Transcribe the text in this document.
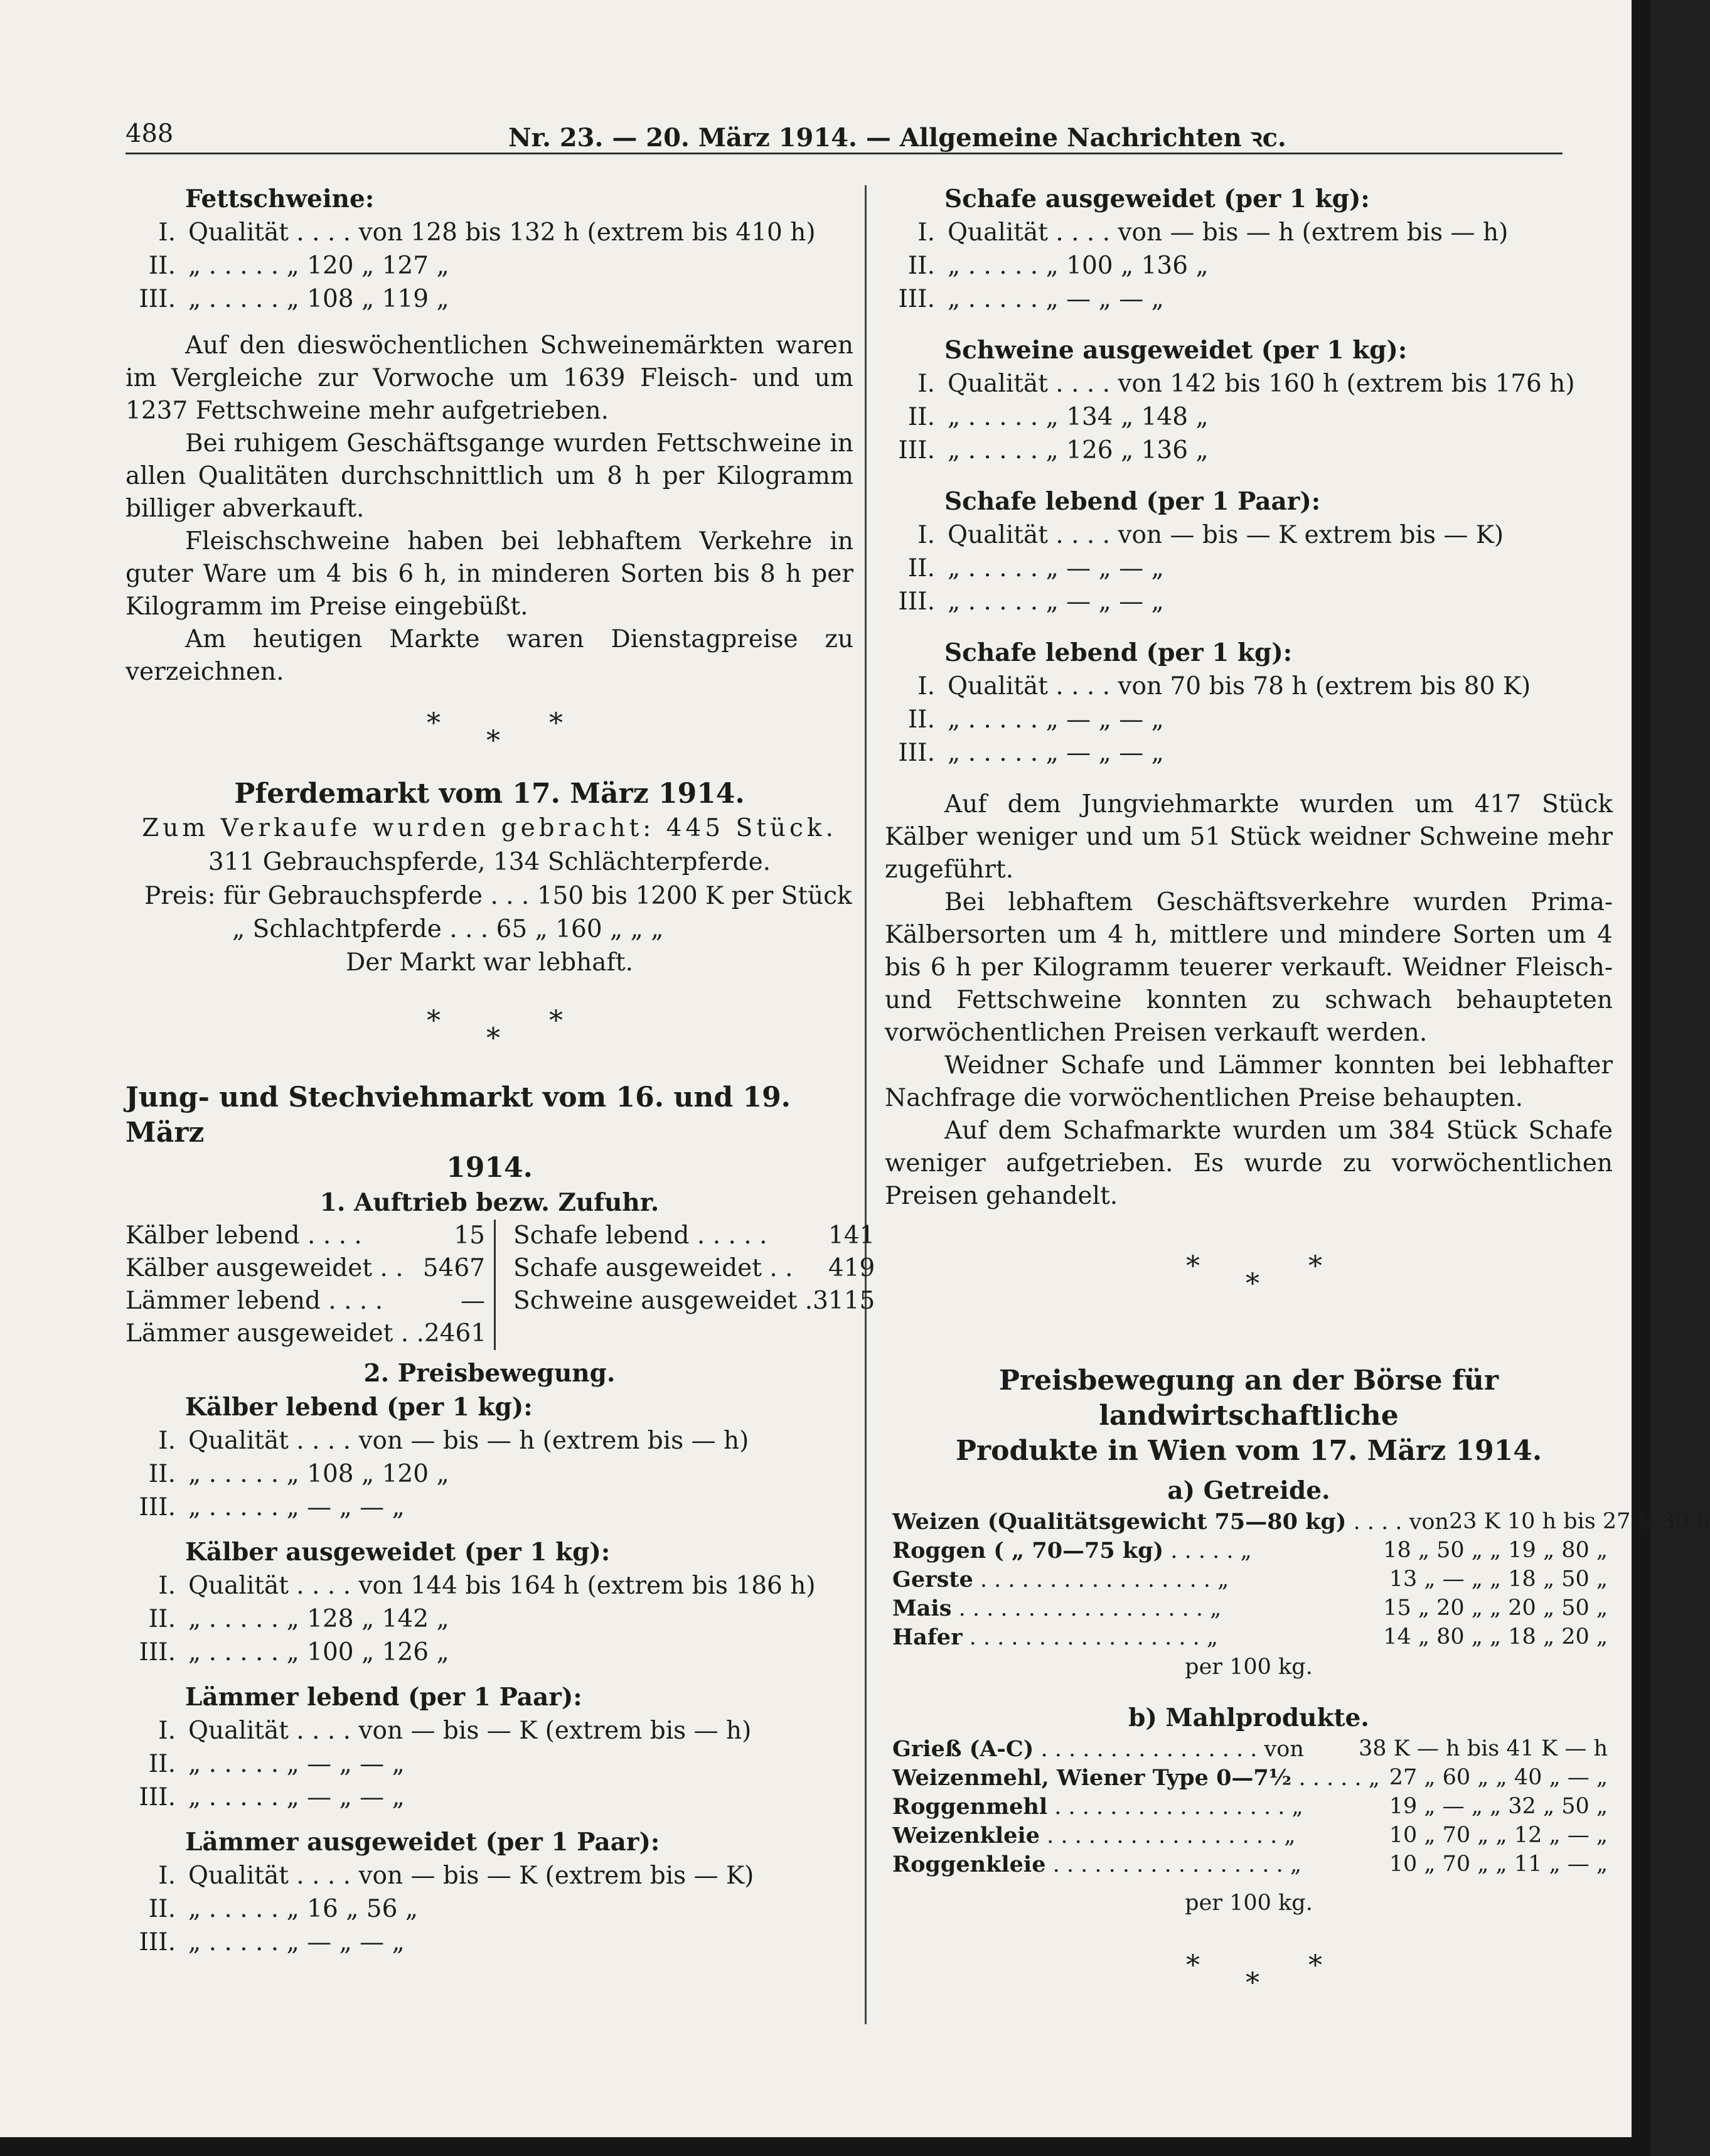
488	Nr. 23. — 20. März 1914. — Allgemeine Nachrichten ꝛc.
Fettschweine:
I. Qualität . . . . von 128 bis 132 h (extrem bis 410 h)
II. „ . . . . . „ 120 „ 127 „
III. „ . . . . . „ 108 „ 119 „

Auf den dieswöchentlichen Schweinemärkten waren im Vergleiche zur Vorwoche um 1639 Fleisch- und um 1237 Fettschweine mehr aufgetrieben.

Bei ruhigem Geschäftsgange wurden Fettschweine in allen Qualitäten durchschnittlich um 8 h per Kilogramm billiger abverkauft.

Fleischschweine haben bei lebhaftem Verkehre in guter Ware um 4 bis 6 h, in minderen Sorten bis 8 h per Kilogramm im Preise eingebüßt.

Am heutigen Markte waren Dienstagpreise zu verzeichnen.

*
*
*
Pferdemarkt vom 17. März 1914.
Zum Verkaufe wurden gebracht: 445 Stück.
311 Gebrauchspferde, 134 Schlächterpferde.
Preis: für Gebrauchspferde . . . 150 bis 1200 K per Stück
„ Schlachtpferde . . . 65 „ 160 „ „ „
Der Markt war lebhaft.
*
*
*
Jung- und Stechviehmarkt vom 16. und 19. März
1914.
1. Auftrieb bezw. Zufuhr.
Kälber lebend . . . .	15
Kälber ausgeweidet . . 5467
Lämmer lebend . . . .	—
Lämmer ausgeweidet . . 2461
Schafe lebend . . . . . 141
Schafe ausgeweidet . . 419
Schweine ausgeweidet . 3115
2. Preisbewegung.
Kälber lebend (per 1 kg):
I. Qualität . . . . von — bis — h (extrem bis — h)
II. „ . . . . . „ 108 „ 120 „
III. „ . . . . . „ — „ — „
Kälber ausgeweidet (per 1 kg):
I. Qualität . . . . von 144 bis 164 h (extrem bis 186 h)
II. „ . . . . . „ 128 „ 142 „
III. „ . . . . . „ 100 „ 126 „
Lämmer lebend (per 1 Paar):
I. Qualität . . . . von — bis — K (extrem bis — h)
II. „ . . . . . „ — „ — „
III. „ . . . . . „ — „ — „
Lämmer ausgeweidet (per 1 Paar):
I. Qualität . . . . von — bis — K (extrem bis — K)
II. „ . . . . . „ 16 „ 56 „
III. „ . . . . . „ — „ — „
Schafe ausgeweidet (per 1 kg):
I. Qualität . . . . von — bis — h (extrem bis — h)
II. „ . . . . . „ 100 „ 136 „
III. „ . . . . . „ — „ — „
Schweine ausgeweidet (per 1 kg):
I. Qualität . . . . von 142 bis 160 h (extrem bis 176 h)
II. „ . . . . . „ 134 „ 148 „
III. „ . . . . . „ 126 „ 136 „
Schafe lebend (per 1 Paar):
I. Qualität . . . . von — bis — K extrem bis — K)
II. „ . . . . . „ — „ — „
III. „ . . . . . „ — „ — „
Schafe lebend (per 1 kg):
I. Qualität . . . . von 70 bis 78 h (extrem bis 80 K)
II. „ . . . . . „ — „ — „
III. „ . . . . . „ — „ — „

Auf dem Jungviehmarkte wurden um 417 Stück Kälber weniger und um 51 Stück weidner Schweine mehr zugeführt.

Bei lebhaftem Geschäftsverkehre wurden Prima-Kälbersorten um 4 h, mittlere und mindere Sorten um 4 bis 6 h per Kilogramm teuerer verkauft. Weidner Fleisch- und Fettschweine konnten zu schwach behaupteten vorwöchentlichen Preisen verkauft werden.

Weidner Schafe und Lämmer konnten bei lebhafter Nachfrage die vorwöchentlichen Preise behaupten.

Auf dem Schafmarkte wurden um 384 Stück Schafe weniger aufgetrieben. Es wurde zu vorwöchentlichen Preisen gehandelt.

*
*
*
Preisbewegung an der Börse für landwirtschaftliche
Produkte in Wien vom 17. März 1914.
a) Getreide.
Weizen (Qualitätsgewicht 75—80 kg) . . . . von 23 K 10 h bis 27 K 30 h
Roggen ( „ 70—75 kg) . . . . . „	18 „ 50 „ „ 19 „ 80 „
Gerste . . . . . . . . . . . . . . . . . „	13 „ — „ „ 18 „ 50 „
Mais . . . . . . . . . . . . . . . . . . „	15 „ 20 „ „ 20 „ 50 „
Hafer . . . . . . . . . . . . . . . . . „	14 „ 80 „ „ 18 „ 20 „
per 100 kg.
b) Mahlprodukte.
Grieß (A-C) . . . . . . . . . . . . . . . . von 38 K — h bis 41 K — h
Weizenmehl, Wiener Type 0—7½ . . . . . „ 27 „ 60 „ „ 40 „ — „
Roggenmehl . . . . . . . . . . . . . . . . . „	19 „ — „ „ 32 „ 50 „
Weizenkleie . . . . . . . . . . . . . . . . . „	10 „ 70 „ „ 12 „ — „
Roggenkleie . . . . . . . . . . . . . . . . . „	10 „ 70 „ „ 11 „ — „
per 100 kg.
*
*
*
